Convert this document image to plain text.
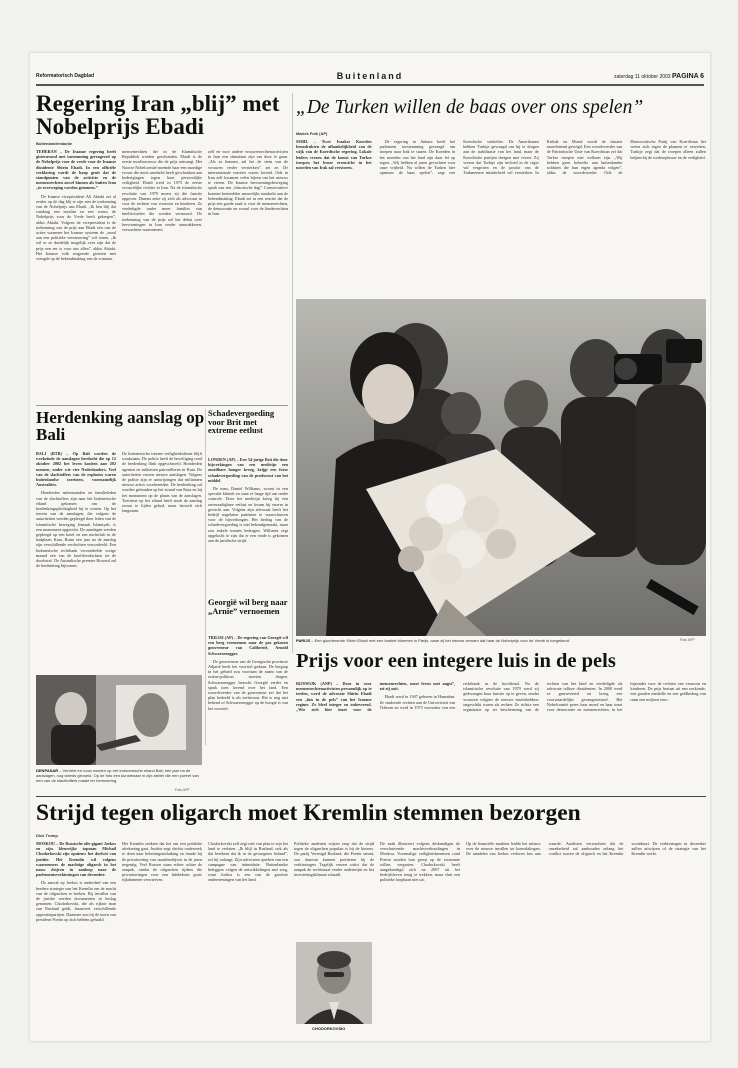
Reformatorisch Dagblad	Buitenland	zaterdag 11 oktober 2003 PAGINA 6
Regering Iran „blij” met Nobelprijs Ebadi
„De Turken willen de baas over ons spelen”
Buitenlandredactie

TEHERAN – De Iraanse regering heeft gisteravond met instemming gereageerd op de Nobelprijs voor de vrede voor de Iraanse dissidente Shirin Ebadi. In een officiële verklaring wordt de hoop geuit dat de standpunten van de activiste en de mensenrechten zowel binnen als buiten Iran „in overweging worden genomen.”

De Iraanse vicepresident Ali Abtahi zei al eerder op de dag blij te zijn met de toekenning van de Nobelprijs aan Ebadi. „Ik ben blij dat vandaag een moslim en een vrouw de Nobelprijs voor de Vrede heeft gekregen”, aldus Abtahi. Volgens de vicepresident is de toekenning van de prijs aan Ebadi een van de acties waarmee het Iraanse systeem de „nood aan een politieke vernieuwing” wil tonen. „Ik wil er zo duidelijk mogelijk over zijn dat de prijs een eer is voor ons allen”, aldus Abtahi. Het Iraanse volk reageerde gisteren met vreugde op de bekendmaking van de winnaar.

mensenrechten die in de Islamitische Republiek worden geschonden. Ebadi is de eerste moslimvrouw die de prijs ontvangt. Het Noorse Nobelcomité noemde haar een moedige vrouw die nooit aandacht heeft geschonken aan bedreigingen tegen haar persoonlijke veiligheid. Ebadi werd in 1975 de eerste vrouwelijke rechter in Iran. Na de islamitische revolutie van 1979 moest zij die functie opgeven. Daarna zette zij zich als advocaat in voor de rechten van vrouwen en kinderen. Ze verdedigde onder meer families van intellectuelen die werden vermoord. De toekenning van de prijs zal het debat over hervormingen in Iran verder aanwakkeren, verwachten waarnemers.

zelf en voor andere vrouwenrechtenactivisten in Iran een stimulans zijn om door te gaan. „Als ze hunnen, zal het de stem van de vrouwen verder versterken”, zei ze. De internationale reacties waren lovend. Ook in Iran zelf kwamen velen bijeen om het nieuws te vieren. De Iraanse hervormingsbeweging sprak van een „historische dag”. Conservatieve kranten besteedden nauwelijks aandacht aan de bekendmaking. Ebadi zei in een reactie dat de prijs een goede zaak is voor de mensenrechten, de democratie en vooral voor de kinderrechten in Iran.

Mariek Folk (AP)

SEBIL – Twee Iraakse Koerden benadrukten de afhankelijkheid van de wijk van de Koerdische regering. Lokale leiders vrezen dat de komst van Turkse troepen het broze evenwicht in het noorden van Irak zal verstoren.

De regering in Ankara heeft het parlement toestemming gevraagd om troepen naar Irak te sturen. De Koerden in het noorden van het land zijn daar fel op tegen. „Wij hebben al jaren gevochten voor onze vrijheid. Nu willen de Turken hier opnieuw de baas spelen”, zegt een Koerdische winkelier. De Amerikanen hebben Turkije gevraagd om bij te dragen aan de stabilisatie van het land, maar de Koerdische partijen dreigen met verzet. Zij vrezen dat Turkije zijn invloed in de regio wil vergroten en de positie van de Turkmeense minderheid wil versterken. In Kirkuk en Mosul wordt de situatie nauwlettend gevolgd. Een woordvoerder van de Patriottische Unie van Koerdistan zei dat Turkse troepen niet welkom zijn. „Wij hebben geen behoefte aan buitenlandse soldaten die hun eigen agenda volgen”, aldus de woordvoerder. Ook de Democratische Partij van Koerdistan liet weten zich tegen de plannen te verzetten. Turkije zegt dat de troepen alleen zullen helpen bij de wederopbouw en de veiligheid.

PARIJS – Een glunderende Shirin Ebadi met een boeket bloemen in Parijs, waar zij het nieuws vernam dat haar de Nobelprijs voor de Vrede is toegekend.	Foto AFP
Herdenking aanslag op Bali

BALI (RTR) – Op Bali worden de weekeinde de aanslagen herdacht die op 12 oktober 2002 het leven kostten aan 202 mensen, onder wie vier Nederlanders. Veel van de slachtoffers van de explosies waren buitenlandse toeristen, voornamelijk Australiërs.

Honderden nabestaanden en familieleden van de slachtoffers zijn naar het Indonesische eiland gekomen om de herdenkingsplechtigheid bij te wonen. Op het terrein van de aanslagen, die volgens de autoriteiten werden gepleegd door leden van de islamitische beweging Jemaah Islamiyah, is een monument opgericht. De aanslagen werden gepleegd op een hotel en een nachtclub in de badplaats Kuta. Ruim een jaar na de aanslag zijn verschillende verdachten veroordeeld. Een Indonesische rechtbank veroordeelde vorige maand een van de hoofdverdachten tot de doodstraf. De Australische premier Howard zal de herdenking bijwonen.

De Indonesische interne veiligheidsdienst blijft waakzaam. De politie heeft de beveiliging rond de herdenking flink opgeschroefd. Honderden agenten en militairen patrouilleren in Kuta. De autoriteiten vrezen nieuwe aanslagen. Volgens de politie zijn er aanwijzingen dat militanten nieuwe acties voorbereiden. De herdenking zal worden gehouden op het strand van Kuta en bij het monument op de plaats van de aanslagen. Toerisme op het eiland heeft sinds de aanslag zwaar te lijden gehad, maar herstelt zich langzaam.

Schadevergoeding voor Brit met extreme eetlust

LONDEN (AP) – Een 34-jarige Brit die door bijwerkingen van een medicijn een onstilbare honger kreeg, krijgt een forse schadevergoeding van de producent van het middel.

De man, Daniel Williams, woont in een speciale kliniek en staat er lange tijd om onder controle. Door het medicijn kreeg hij een onverzadigbare eetlust en kwam hij enorm in gewicht aan. Volgens zijn advocaat heeft het bedrijf nagelaten patiënten te waarschuwen voor de bijwerkingen. Het bedrag van de schadevergoeding is niet bekendgemaakt, maar zou enkele tonnen bedragen. Williams zegt opgelucht te zijn dat er een einde is gekomen aan de juridische strijd.

Georgië wil berg naar „Arnie” vernoemen

TBILISI (AP) – De regering van Georgië wil een berg vernoemen naar de pas gekozen gouverneur van Californië, Arnold Schwarzenegger.

De gouverneur van de Georgische provincie Adjarië heeft het voorstel gedaan. De bergtop in het gebied zou voortaan de naam van de acteur-politicus moeten dragen. Schwarzenegger bezocht Georgië eerder en sprak toen lovend over het land. Een woordvoerder van de gouverneur zei dat het plan bedoeld is als eerbetoon. Het is nog niet bekend of Schwarzenegger op de hoogte is van het voorstel.

DENPASAR – Verdriet en rouw worden op het Indonesische eiland Bali, één jaar na de aanslagen, nog steeds gevoeld. Op de foto een kunstenaar in zijn atelier die een portret van een van de slachtoffers maakt ter herinnering.
Foto AFP
Prijs voor een integere luis in de pels

RIJSWIJK (ANP) – Door in voor mensenrechtenactivisten persoonlijk op te treden, werd de advocate Shirin Ebadi een „luis in de pels” van het Iraanse regime. Ze bleef integer en onbevreesd. „Wie zich hier inzet voor de mensenrechten, moet leven met angst”, zei zij ooit.

Ebadi werd in 1947 geboren in Hamadan. Ze studeerde rechten aan de Universiteit van Teheran en werd in 1975 voorzitter van een rechtbank in de hoofdstad. Na de islamitische revolutie van 1979 werd zij gedwongen haar functie op te geven, omdat vrouwen volgens de nieuwe machthebbers ongeschikt waren als rechter. Ze richtte een organisatie op ter bescherming van de rechten van het kind en verdedigde als advocate talloze dissidenten. In 2000 werd ze gearresteerd en kreeg een voorwaardelijke gevangenisstraf. Het Nobelcomité prees haar moed en haar inzet voor democratie en mensenrechten, in het bijzonder voor de rechten van vrouwen en kinderen. De prijs bestaat uit een oorkonde, een gouden medaille en een geldbedrag van ruim een miljoen euro.

Strijd tegen oligarch moet Kremlin stemmen bezorgen
Dick Tromp

MOSKOU – De Russische olie-gigant Joekos en zijn kleurrijke topman Michail Chodorkovski zijn opnieuw het doelwit van justitie. Het Kremlin wil volgens waarnemers de machtige oligarch in het nauw drijven in aanloop naar de parlementsverkiezingen van december.

De aanval op Joekos is onderdeel van een bredere strategie van het Kremlin om de macht van de oligarchen te breken. Bij invallen van de justitie werden documenten in beslag genomen. Chodorkovski, die als rijkste man van Rusland geldt, financiert verschillende oppositiepartijen. Daarmee zou hij de toorn van president Poetin op zich hebben gehaald.

Het Kremlin ontkent dat het om een politieke afrekening gaat. Justitie zegt slechts onderzoek te doen naar belastingontduiking en fraude bij de privatisering van staatsbedrijven in de jaren negentig. Veel Russen staan echter achter de aanpak, omdat de oligarchen tijdens die privatiseringen voor een habbekrats grote rijkdommen verwierven.

Chodorkovski zelf zegt niet van plan te zijn het land te verlaten. „Ik blijf in Rusland, ook als dat betekent dat ik in de gevangenis beland”, zei hij onlangs. Zijn advocaten spreken van een campagne van intimidatie. Buitenlandse beleggers volgen de ontwikkelingen met zorg, want Joekos is een van de grootste ondernemingen van het land.

Politieke analisten wijzen erop dat de strijd tegen de oligarchen populair is bij de kiezers. De partij Verenigd Rusland, die Poetin steunt, zou daarvan kunnen profiteren bij de verkiezingen. Tegelijk vrezen critici dat de aanpak de rechtsstaat verder ondermijnt en het investeringsklimaat schaadt.

CHODORKOVSKI

De zaak illustreert volgens deskundigen de verschuivende machtsverhoudingen in Moskou. Voormalige veiligheidsmensen rond Poetin zouden hun greep op de economie willen vergroten. Chodorkovski heeft aangekondigd zich na 2007 uit het bedrijfsleven terug te trekken, maar sluit een politieke loopbaan niet uit.

Op de financiële markten leidde het nieuws over de nieuwe invallen tot koersdalingen. De aandelen van Joekos verloren fors aan waarde. Analisten verwachten dat de onzekerheid zal aanhouden zolang het conflict tussen de oligarch en het Kremlin voortduurt. De verkiezingen in december zullen uitwijzen of de strategie van het Kremlin werkt.
